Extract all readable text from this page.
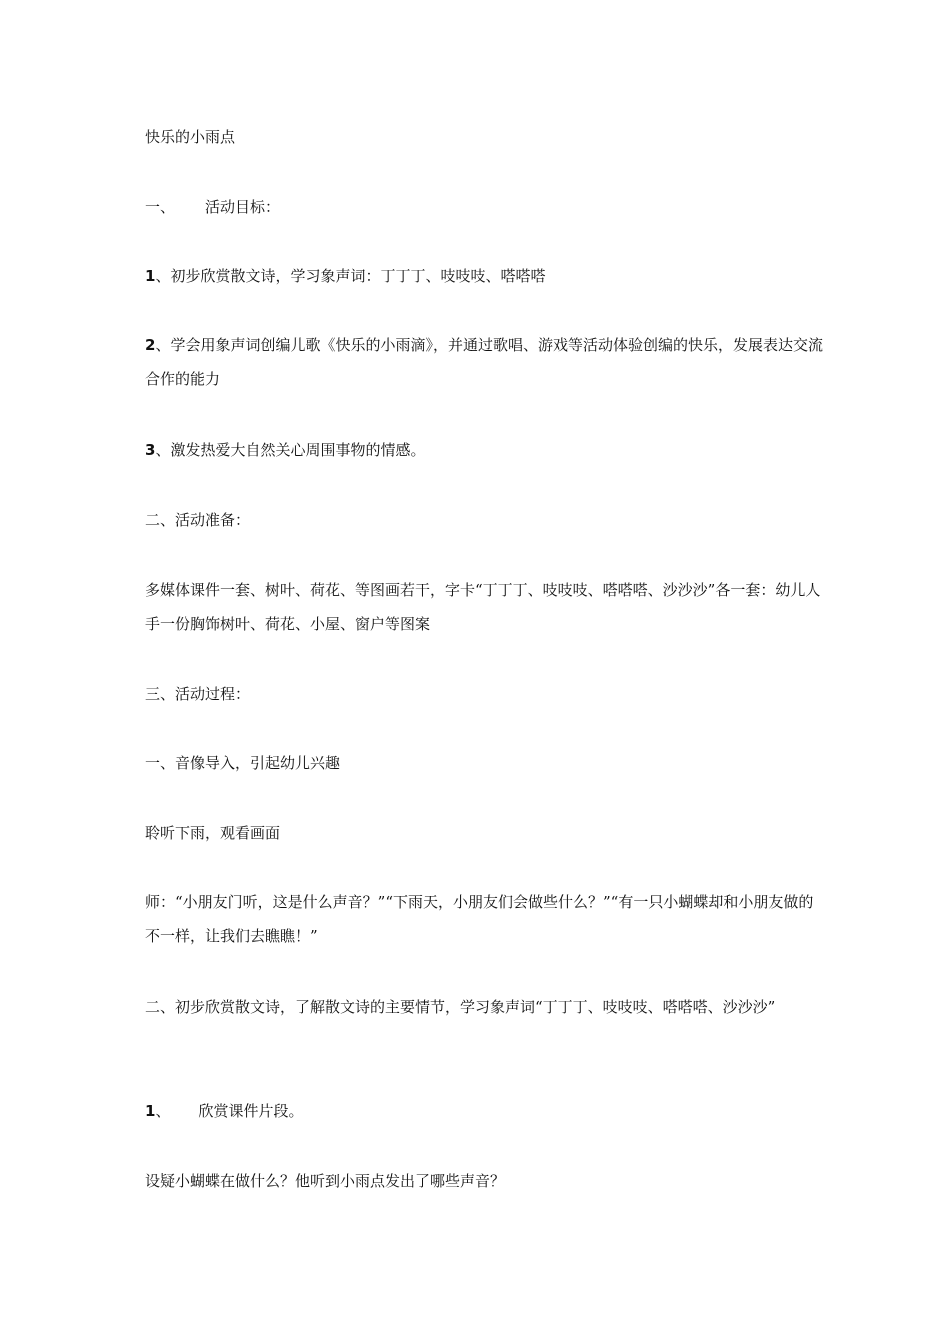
快乐的小雨点
一、 活动目标：
1、初步欣赏散文诗，学习象声词：丁丁丁、吱吱吱、嗒嗒嗒
2、学会用象声词创编儿歌《快乐的小雨滴》，并通过歌唱、游戏等活动体验创编的快乐，发展表达交流合作的能力
3、激发热爱大自然关心周围事物的情感。
二、活动准备：
多媒体课件一套、树叶、荷花、等图画若干，字卡“丁丁丁、吱吱吱、嗒嗒嗒、沙沙沙”各一套：幼儿人手一份胸饰树叶、荷花、小屋、窗户等图案
三、活动过程：
一、音像导入，引起幼儿兴趣
聆听下雨，观看画面
师：“小朋友门听，这是什么声音？”“下雨天，小朋友们会做些什么？”“有一只小蝴蝶却和小朋友做的不一样，让我们去瞧瞧！”
二、初步欣赏散文诗，了解散文诗的主要情节，学习象声词“丁丁丁、吱吱吱、嗒嗒嗒、沙沙沙”
1、 欣赏课件片段。
设疑小蝴蝶在做什么？他听到小雨点发出了哪些声音？
